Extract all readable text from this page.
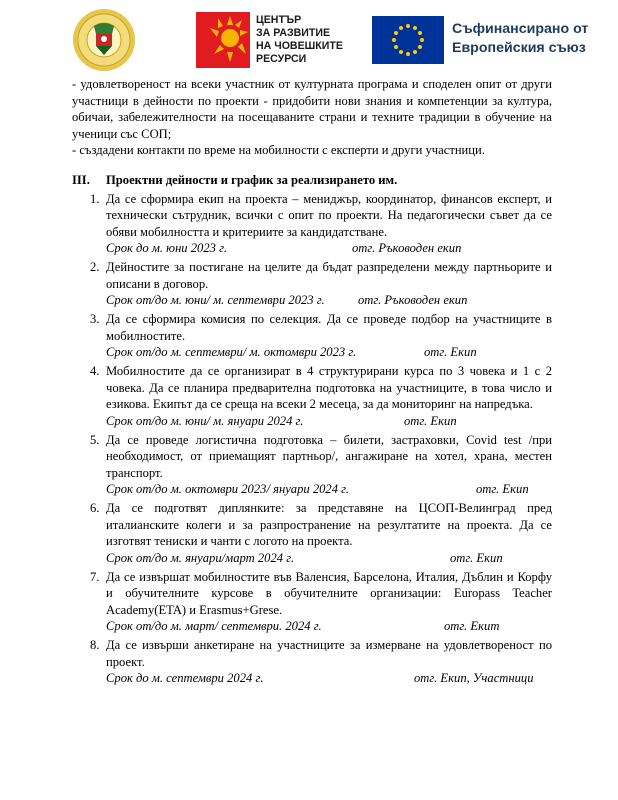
ЦЕНТЪР
ЗА РАЗВИТИЕ
НА ЧОВЕШКИТЕ
РЕСУРСИ
Съфинансирано от
Европейския съюз

- удовлетвореност на всеки участник от културната програма и споделен опит от други участници в дейности по проекти - придобити нови знания и компетенции за култура, обичаи, забележителности на посещаваните страни и техните традиции в обучение на ученици със СОП;

- създадени контакти по време на мобилности с експерти и други участници.

III. Проектни дейности и график за реализирането им.
1. Да се сформира екип на проекта – мениджър, координатор, финансов експерт, и технически сътрудник, всички с опит по проекти. На педагогически съвет да се обяви мобилността и критериите за кандидатстване.
Срок до м. юни 2023 г.	отг. Ръководен екип
2. Дейностите за постигане на целите да бъдат разпределени между партньорите и описани в договор.
Срок от/до м. юни/ м. септември 2023 г.	отг. Ръководен екип
3. Да се сформира комисия по селекция. Да се проведе подбор на участниците в мобилностите.
Срок от/до м. септември/ м. октомври 2023 г.	отг. Екип
4. Мобилностите да се организират в 4 структурирани курса по 3 човека и 1 с 2 човека. Да се планира предварителна подготовка на участниците, в това число и езикова. Екипът да се среща на всеки 2 месеца, за да мониторинг на напредъка.
Срок от/до м. юни/ м. януари 2024 г.	отг. Екип
5. Да се проведе логистична подготовка – билети, застраховки, Covid test /при необходимост, от приемащият партньор/, ангажиране на хотел, храна, местен транспорт.
Срок от/до м. октомври 2023/ януари 2024 г.	отг. Екип
6. Да се подготвят диплянките: за представяне на ЦСОП-Велинград пред италианските колеги и за разпространение на резултатите на проекта. Да се изготвят тениски и чанти с логото на проекта.
Срок от/до м. януари/март 2024 г.	отг. Екип
7. Да се извършат мобилностите във Валенсия, Барселона, Италия, Дъблин и Корфу и обучителните курсове в обучителните организации: Europass Teacher Academy(ETA) и Erasmus+Grese.
Срок от/до м. март/ септември. 2024 г.	отг. Екит
8. Да се извърши анкетиране на участниците за измерване на удовлетвореност по проект.
Срок до м. септември 2024 г.	отг. Екип, Участници
